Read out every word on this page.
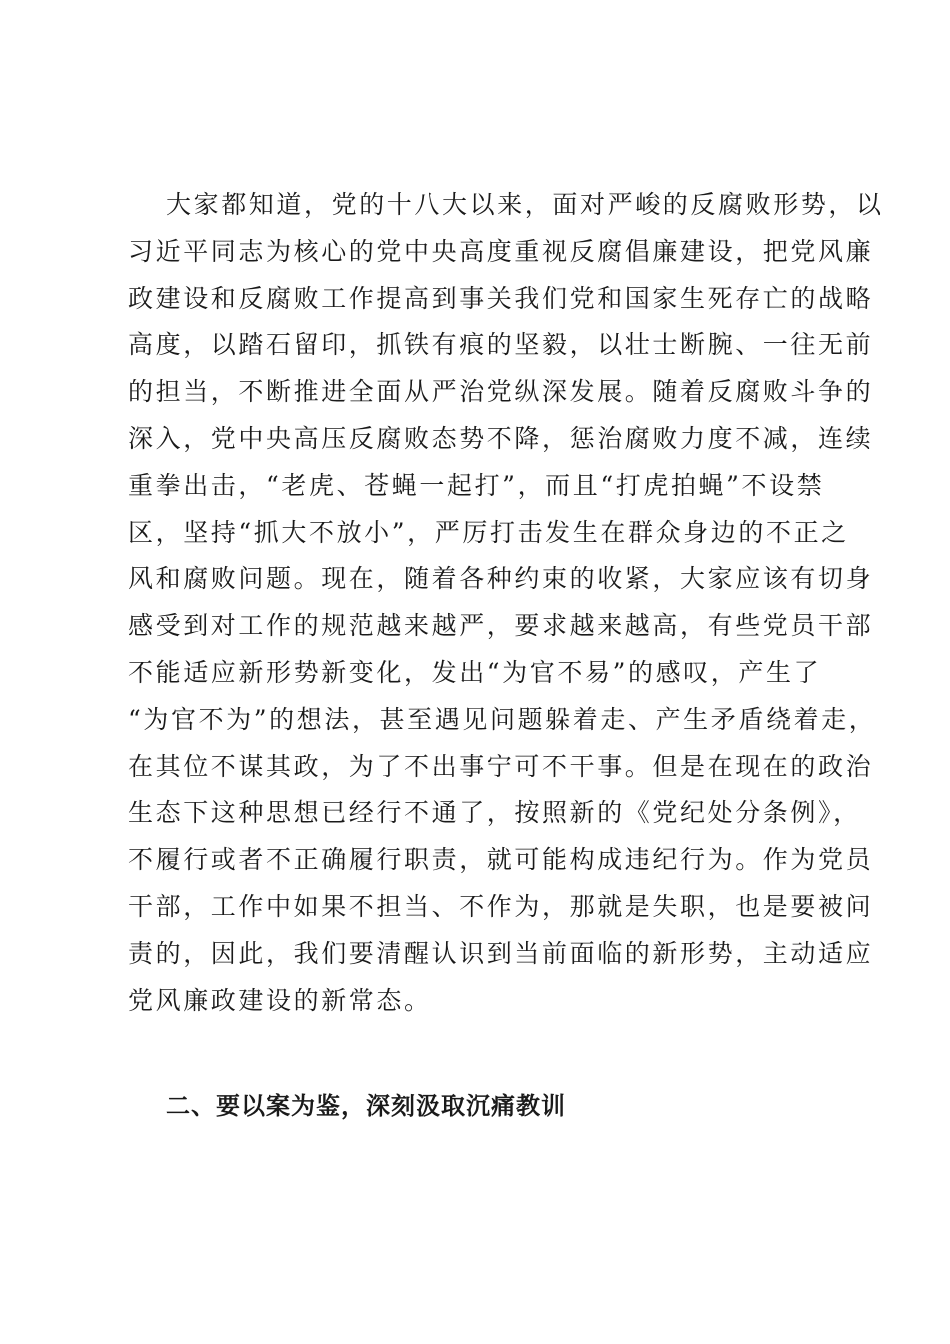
大家都知道，党的十八大以来，面对严峻的反腐败形势，以
习近平同志为核心的党中央高度重视反腐倡廉建设，把党风廉
政建设和反腐败工作提高到事关我们党和国家生死存亡的战略
高度，以踏石留印，抓铁有痕的坚毅，以壮士断腕、一往无前
的担当，不断推进全面从严治党纵深发展。随着反腐败斗争的
深入，党中央高压反腐败态势不降，惩治腐败力度不减，连续
重拳出击，“老虎、苍蝇一起打”，而且“打虎拍蝇”不设禁
区，坚持“抓大不放小”，严厉打击发生在群众身边的不正之
风和腐败问题。现在，随着各种约束的收紧，大家应该有切身
感受到对工作的规范越来越严，要求越来越高，有些党员干部
不能适应新形势新变化，发出“为官不易”的感叹，产生了
“为官不为”的想法，甚至遇见问题躲着走、产生矛盾绕着走，
在其位不谋其政，为了不出事宁可不干事。但是在现在的政治
生态下这种思想已经行不通了，按照新的《党纪处分条例》，
不履行或者不正确履行职责，就可能构成违纪行为。作为党员
干部，工作中如果不担当、不作为，那就是失职，也是要被问
责的，因此，我们要清醒认识到当前面临的新形势，主动适应
党风廉政建设的新常态。

二、要以案为鉴，深刻汲取沉痛教训
